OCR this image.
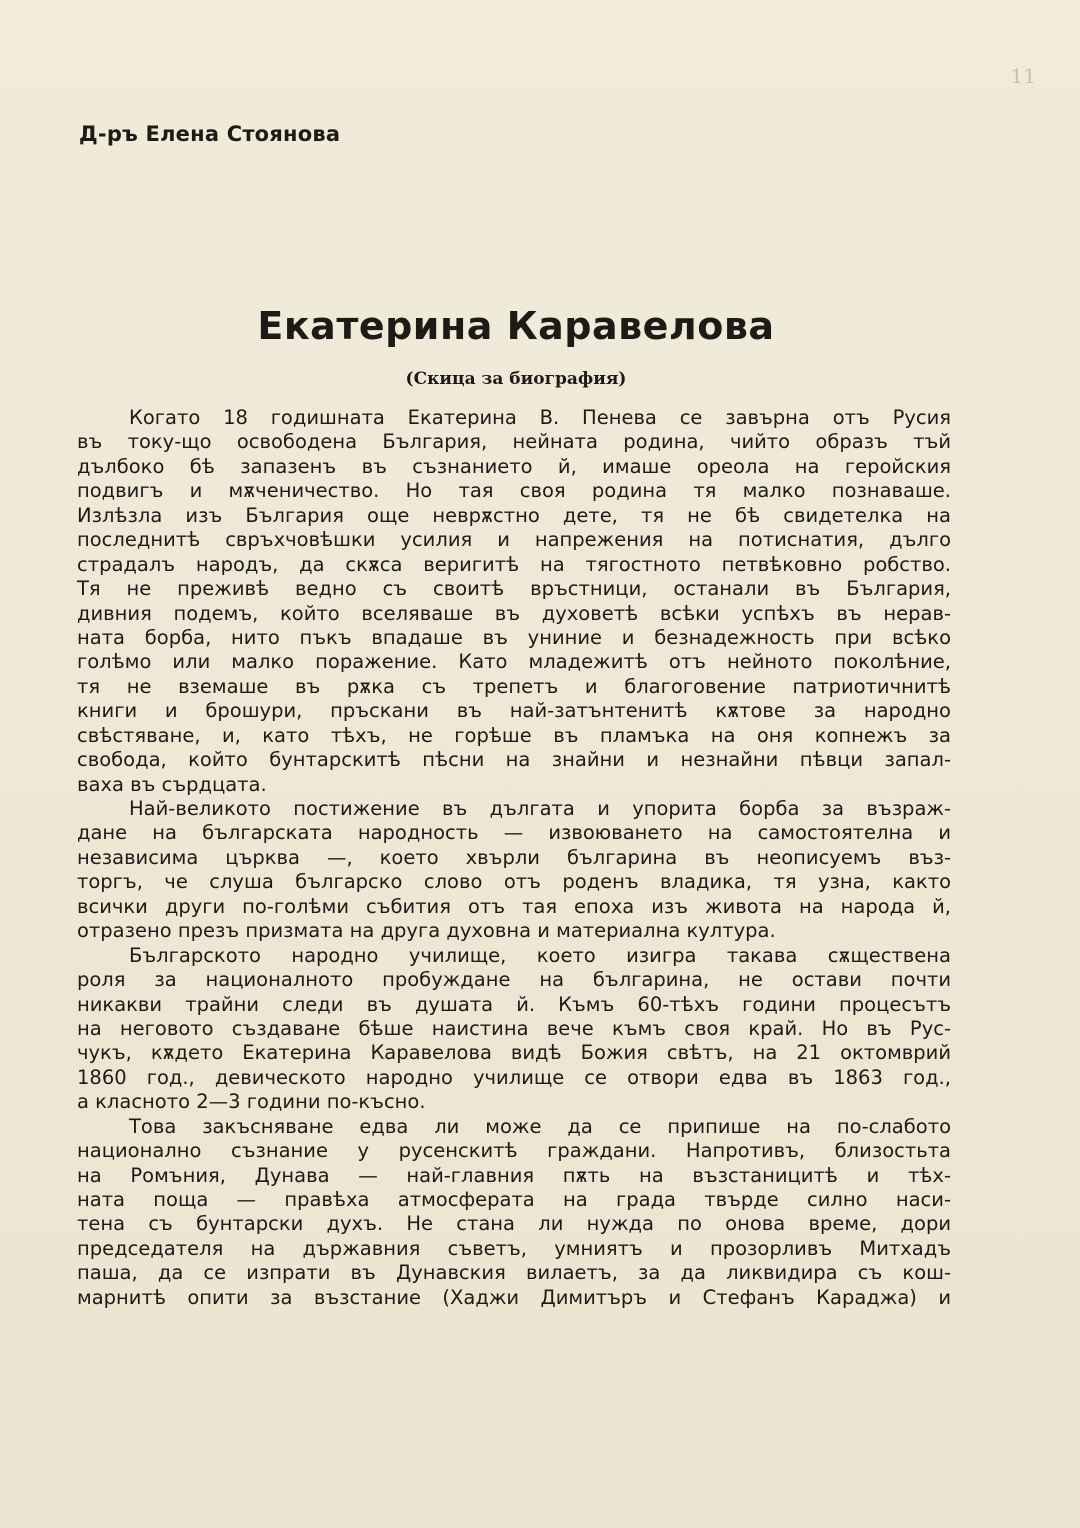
11
Д-ръ Елена Стоянова
Екатерина Каравелова
(Скица за биография)
Когато 18 годишната Екатерина В. Пенева се завърна отъ Русия
въ току-що освободена България, нейната родина, чийто образъ тъй
дълбоко бѣ запазенъ въ съзнанието й, имаше ореола на геройския
подвигъ и мѫченичество. Но тая своя родина тя малко познаваше.
Излѣзла изъ България още неврѫстно дете, тя не бѣ свидетелка на
последнитѣ свръхчовѣшки усилия и напрежения на потиснатия, дълго
страдалъ народъ, да скѫса веригитѣ на тягостното петвѣковно робство.
Тя не преживѣ ведно съ своитѣ връстници, останали въ България,
дивния подемъ, който вселяваше въ духоветѣ всѣки успѣхъ въ нерав-
ната борба, нито пъкъ впадаше въ униние и безнадежность при всѣко
голѣмо или малко поражение. Като младежитѣ отъ нейното поколѣние,
тя не вземаше въ рѫка съ трепетъ и благоговение патриотичнитѣ
книги и брошури, пръскани въ най-затънтенитѣ кѫтове за народно
свѣстяване, и, като тѣхъ, не горѣше въ пламъка на оня копнежъ за
свобода, който бунтарскитѣ пѣсни на знайни и незнайни пѣвци запал-
ваха въ сърдцата.
Най-великото постижение въ дългата и упорита борба за възраж-
дане на българската народность — извоюването на самостоятелна и
независима църква —, което хвърли българина въ неописуемъ въз-
торгъ, че слуша българско слово отъ роденъ владика, тя узна, както
всички други по-голѣми събития отъ тая епоха изъ живота на народа й,
отразено презъ призмата на друга духовна и материална култура.
Българското народно училище, което изигра такава сѫществена
роля за националното пробуждане на българина, не остави почти
никакви трайни следи въ душата й. Къмъ 60-тѣхъ години процесътъ
на неговото създаване бѣше наистина вече къмъ своя край. Но въ Рус-
чукъ, кѫдето Екатерина Каравелова видѣ Божия свѣтъ, на 21 октомврий
1860 год., девическото народно училище се отвори едва въ 1863 год.,
а класното 2—3 години по-късно.
Това закъсняване едва ли може да се припише на по-слабото
национално съзнание у русенскитѣ граждани. Напротивъ, близостьта
на Ромъния, Дунава — най-главния пѫть на възстаницитѣ и тѣх-
ната поща — правѣха атмосферата на града твърде силно наси-
тена съ бунтарски духъ. Не стана ли нужда по онова време, дори
председателя на държавния съветъ, умниятъ и прозорливъ Митхадъ
паша, да се изпрати въ Дунавския вилаетъ, за да ликвидира съ кош-
марнитѣ опити за възстание (Хаджи Димитъръ и Стефанъ Караджа) и
